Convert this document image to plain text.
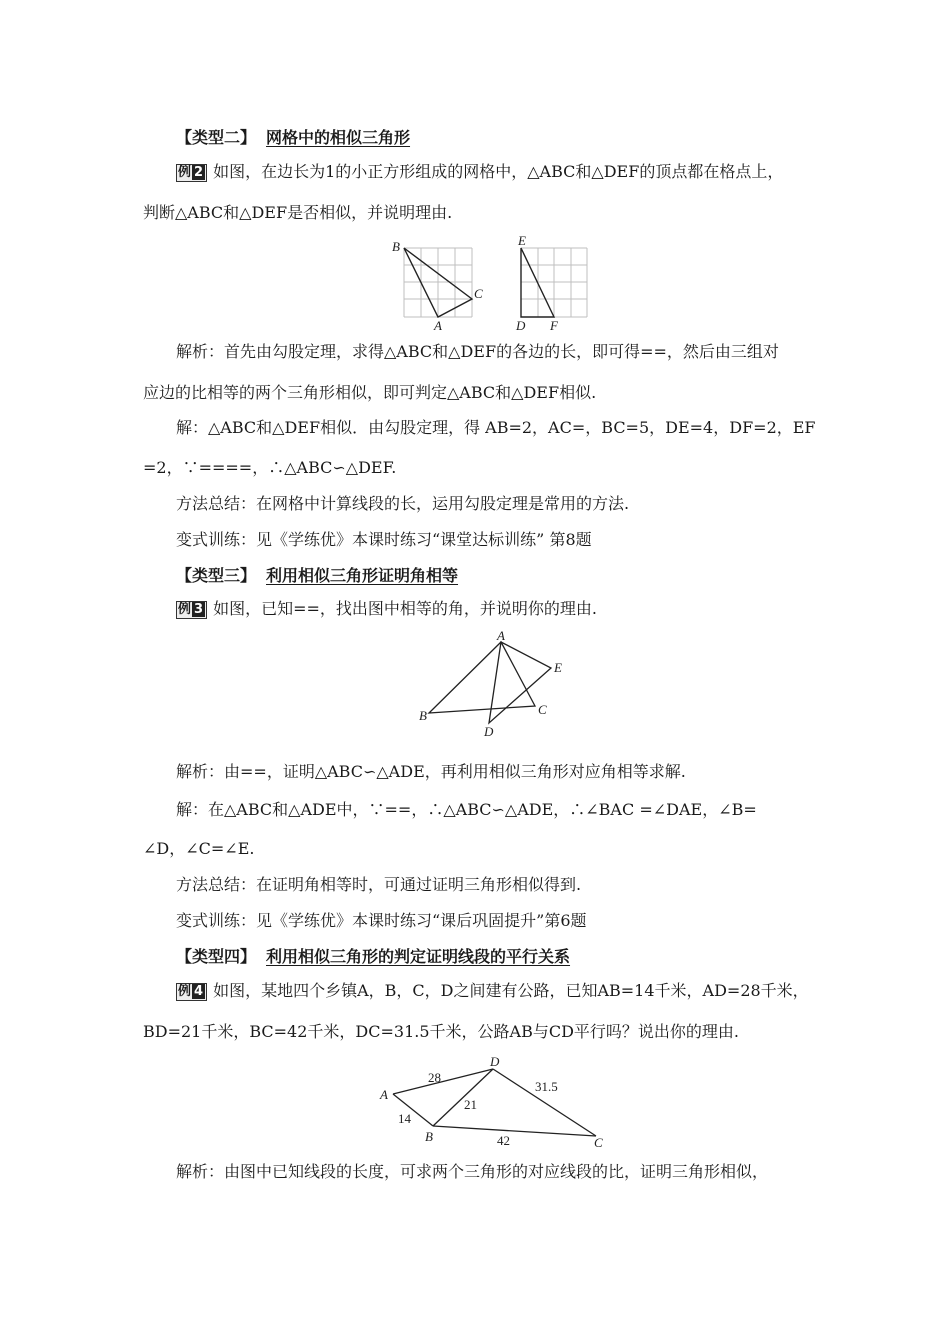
【类型二】 网格中的相似三角形
例 2 如图，在边长为1的小正方形组成的网格中，△ABC和△DEF的顶点都在格点上，
判断△ABC和△DEF是否相似，并说明理由.
B
C
A
E
D F
解析：首先由勾股定理，求得△ABC和△DEF的各边的长，即可得==，然后由三组对
应边的比相等的两个三角形相似，即可判定△ABC和△DEF相似.
解：△ABC和△DEF相似．由勾股定理，得 AB=2，AC=，BC=5，DE=4，DF=2，EF
=2，∵====，∴△ABC∽△DEF.
方法总结：在网格中计算线段的长，运用勾股定理是常用的方法.
变式训练：见《学练优》本课时练习“课堂达标训练” 第8题
【类型三】 利用相似三角形证明角相等
例 3 如图，已知==，找出图中相等的角，并说明你的理由.
A
E
B	C
D
解析：由==，证明△ABC∽△ADE，再利用相似三角形对应角相等求解.
解：在△ABC和△ADE中，∵==，∴△ABC∽△ADE，∴∠BAC =∠DAE，∠B=
∠D，∠C=∠E.
方法总结：在证明角相等时，可通过证明三角形相似得到.
变式训练：见《学练优》本课时练习“课后巩固提升”第6题
【类型四】 利用相似三角形的判定证明线段的平行关系
例 4 如图，某地四个乡镇A，B，C，D之间建有公路，已知AB=14千米，AD=28千米，
BD=21千米，BC=42千米，DC=31.5千米，公路AB与CD平行吗？说出你的理由.
A
B	C
D
28
21
31.5
14
42
解析：由图中已知线段的长度，可求两个三角形的对应线段的比，证明三角形相似，
